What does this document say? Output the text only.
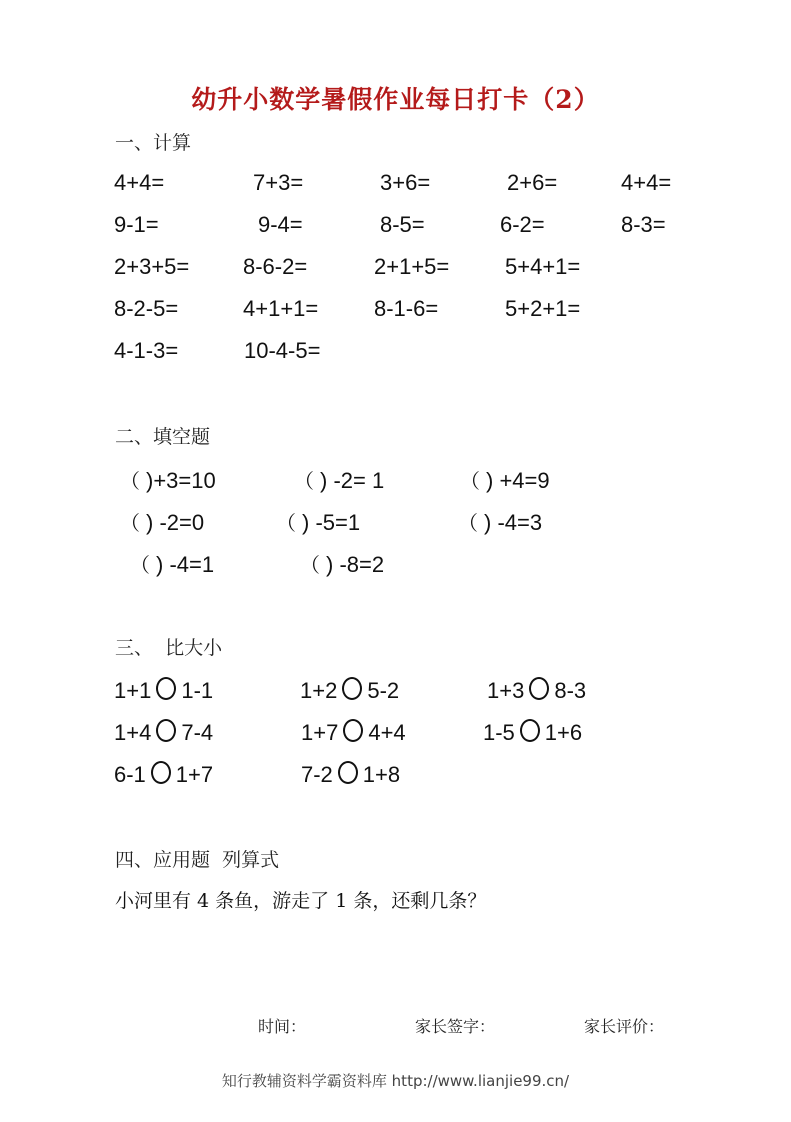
幼升小数学暑假作业每日打卡（2）
一、计算
4+4=	7+3=	3+6=	2+6=	4+4=
9-1=	9-4=	8-5=	6-2=	8-3=
2+3+5= 8-6-2=	2+1+5=	5+4+1=
8-2-5=	4+1+1=	8-1-6=	5+2+1=
4-1-3=	10-4-5=
二、填空题
（ )+3=10	（ ) -2= 1	（ ) +4=9
（ ) -2=0	（ ) -5=1	（ ) -4=3
（ ) -4=1	（ ) -8=2
三、  比大小
1+1 1-1	1+2 5-2	1+3 8-3
1+4 7-4	1+7 4+4	1-5 1+6
6-1 1+7	7-2 1+8
四、应用题  列算式
小河里有 4 条鱼，游走了 1 条，还剩几条？
时间：	家长签字：	家长评价：
知行教辅资料学霸资料库 http://www.lianjie99.cn/
